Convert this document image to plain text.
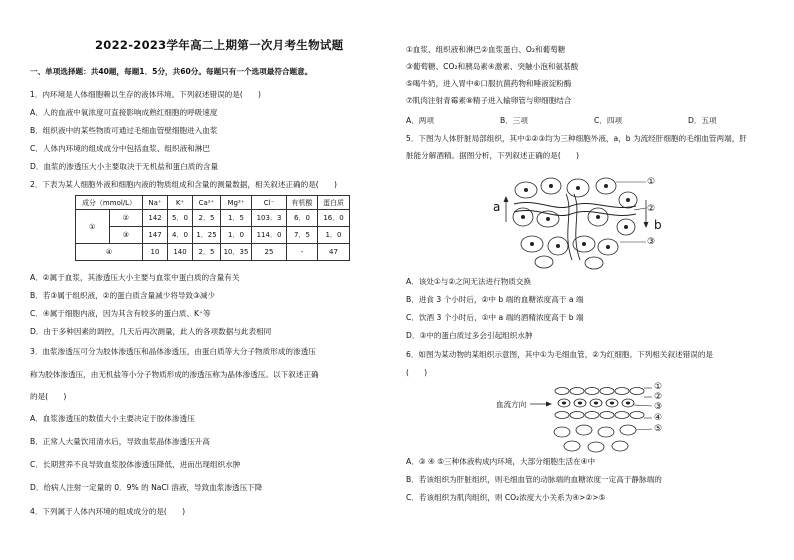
2022-2023学年高二上期第一次月考生物试题
一、单项选择题：共40题，每题1．5分，共60分。每题只有一个选项最符合题意。
1．内环境是人体细胞赖以生存的液体环境。下列叙述错误的是(　　)
A．人的血液中氧浓度可直接影响成熟红细胞的呼吸速度
B．组织液中的某些物质可通过毛细血管壁细胞进入血浆
C．人体内环境的组成成分中包括血浆、组织液和淋巴
D．血浆的渗透压大小主要取决于无机盐和蛋白质的含量
2．下表为某人细胞外液和细胞内液的物质组成和含量的测量数据，相关叙述正确的是(　　)
成分（mmol/L）		Na⁺	K⁺	Ca²⁺	Mg²⁺	Cl⁻	有机酸	蛋白质
①	②	142	5．0	2．5	1．5	103．3	6．0	16．0
	③	147	4．0	1．25	1．0	114．0	7．5	1．0
④		10	140	2．5	10．35	25	-	47
A．②属于血浆，其渗透压大小主要与血浆中蛋白质的含量有关
B．若③属于组织液，②的蛋白质含量减少将导致③减少
C．④属于细胞内液，因为其含有较多的蛋白质、K⁺等
D．由于多种因素的调控，几天后再次测量，此人的各项数据与此表相同
3．血浆渗透压可分为胶体渗透压和晶体渗透压，由蛋白质等大分子物质形成的渗透压
称为胶体渗透压，由无机盐等小分子物质形成的渗透压称为晶体渗透压。以下叙述正确
的是(　　)
A．血浆渗透压的数值大小主要决定于胶体渗透压
B．正常人大量饮用清水后，导致血浆晶体渗透压升高
C．长期营养不良导致血浆胶体渗透压降低，进而出现组织水肿
D．给病人注射一定量的 0．9% 的 NaCl 溶液，导致血浆渗透压下降
4．下列属于人体内环境的组成成分的是(　　)
①血浆、组织液和淋巴②血浆蛋白、O₂和葡萄糖
③葡萄糖、CO₂和胰岛素④激素、突触小泡和氨基酸
⑤喝牛奶，进入胃中⑥口服抗菌药物和唾液淀粉酶
⑦肌肉注射青霉素⑧精子进入输卵管与卵细胞结合
A．两项	B．三项	C．四项	D．五项
5．下图为人体肝脏局部组织，其中①②③均为三种细胞外液，a，b 为流经肝细胞的毛细血管两端，肝
脏能分解酒精。据图分析，下列叙述正确的是(　　)
a
b
①
②
③
A．该处①与②之间无法进行物质交换
B．进食 3 个小时后，②中 b 端的血糖浓度高于 a 端
C．饮酒 3 个小时后，①中 a 端的酒精浓度高于 b 端
D．③中的蛋白质过多会引起组织水肿
6．如图为某动物的某组织示意图，其中①为毛细血管，②为红细胞。下列相关叙述错误的是
(　　)
血流方向
①
②
③
④
⑤
A．③ ④ ⑤三种体液构成内环境，大部分细胞生活在④中
B．若该组织为肝脏组织，则毛细血管的动脉端的血糖浓度一定高于静脉端的
C．若该组织为肌肉组织，则 CO₂浓度大小关系为④>②>⑤
